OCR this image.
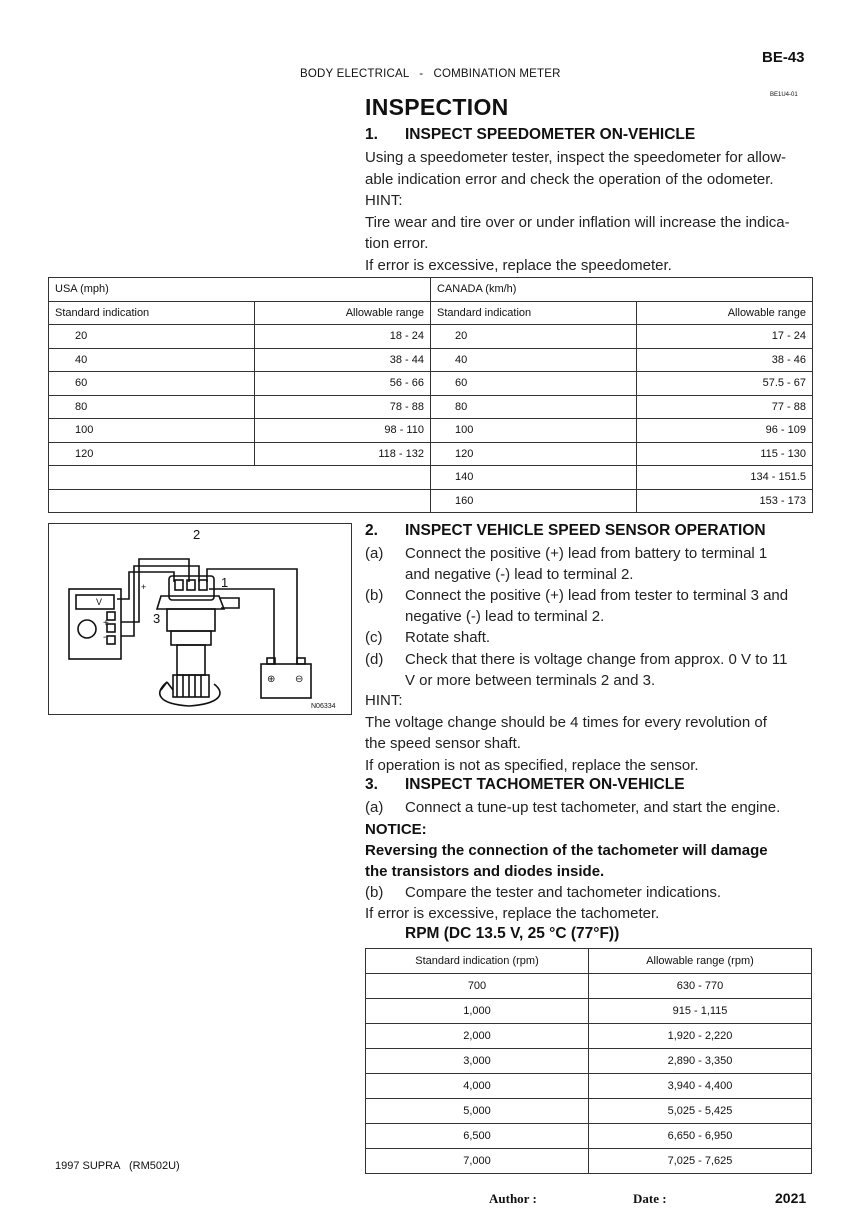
BE-43
BODY ELECTRICAL   -   COMBINATION METER
BE1U4-01
INSPECTION
1. INSPECT SPEEDOMETER ON-VEHICLE
Using a speedometer tester, inspect the speedometer for allow-
able indication error and check the operation of the odometer.
HINT:
Tire wear and tire over or under inflation will increase the indica-
tion error.
If error is excessive, replace the speedometer.
USA (mph)		CANADA (km/h)	
Standard indication	Allowable range	Standard indication	Allowable range
20	18 - 24	20	17 - 24
40	38 - 44	40	38 - 46
60	56 - 66	60	57.5 - 67
80	78 - 88	80	77 - 88
100	98 - 110	100	96 - 109
120	118 - 132	120	115 - 130
		140	134 - 151.5
		160	153 - 173
+
V
+
-
⊕ ⊖
2
1
3
N06334
2. INSPECT VEHICLE SPEED SENSOR OPERATION
(a) Connect the positive (+) lead from battery to terminal 1
and negative (-) lead to terminal 2.
(b) Connect the positive (+) lead from tester to terminal 3 and
negative (-) lead to terminal 2.
(c) Rotate shaft.
(d) Check that there is voltage change from approx. 0 V to 11
V or more between terminals 2 and 3.
HINT:
The voltage change should be 4 times for every revolution of
the speed sensor shaft.
If operation is not as specified, replace the sensor.
3. INSPECT TACHOMETER ON-VEHICLE
(a) Connect a tune-up test tachometer, and start the engine.
NOTICE:
Reversing the connection of the tachometer will damage
the transistors and diodes inside.
(b) Compare the tester and tachometer indications.
If error is excessive, replace the tachometer.
RPM (DC 13.5 V, 25 °C (77°F))
Standard indication (rpm)	Allowable range (rpm)
700	630 - 770
1,000	915 - 1,115
2,000	1,920 - 2,220
3,000	2,890 - 3,350
4,000	3,940 - 4,400
5,000	5,025 - 5,425
6,500	6,650 - 6,950
7,000	7,025 - 7,625
1997 SUPRA   (RM502U)
Author :	Date :	2021
